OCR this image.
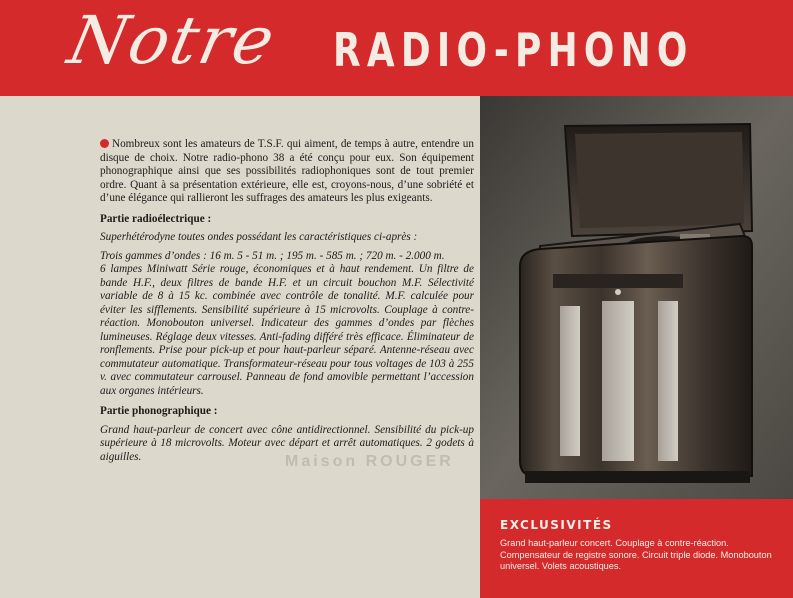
Notre RADIO-PHONO

Nombreux sont les amateurs de T.S.F. qui aiment, de temps à autre, entendre un disque de choix. Notre radio-phono 38 a été conçu pour eux. Son équipement phonographique ainsi que ses possibilités radiophoniques sont de tout premier ordre. Quant à sa présentation extérieure, elle est, croyons-nous, d’une sobriété et d’une élégance qui rallieront les suffrages des amateurs les plus exigeants.

Partie radioélectrique :

Superhétérodyne toutes ondes possédant les caractéristiques ci-après :

Trois gammes d’ondes : 16 m. 5 - 51 m. ; 195 m. - 585 m. ; 720 m. - 2.000 m.

6 lampes Miniwatt Série rouge, économiques et à haut rendement. Un filtre de bande H.F., deux filtres de bande H.F. et un circuit bouchon M.F. Sélectivité variable de 8 à 15 kc. combinée avec contrôle de tonalité. M.F. calculée pour éviter les sifflements. Sensibilité supérieure à 15 microvolts. Couplage à contre-réaction. Monobouton universel. Indicateur des gammes d’ondes par flèches lumineuses. Réglage deux vitesses. Anti-fading différé très efficace. Éliminateur de ronflements. Prise pour pick-up et pour haut-parleur séparé. Antenne-réseau avec commutateur automatique. Transformateur-réseau pour tous voltages de 103 à 255 v. avec commutateur carrousel. Panneau de fond amovible permettant l’accession aux organes intérieurs.

Partie phonographique :

Grand haut-parleur de concert avec cône antidirectionnel. Sensibilité du pick-up supérieure à 18 microvolts. Moteur avec départ et arrêt automatiques. 2 godets à aiguilles.	Maison ROUGER
EXCLUSIVITÉS
Grand haut-parleur concert. Couplage à contre-réaction. Compensateur de registre sonore. Circuit triple diode. Monobouton universel. Volets acoustiques.
